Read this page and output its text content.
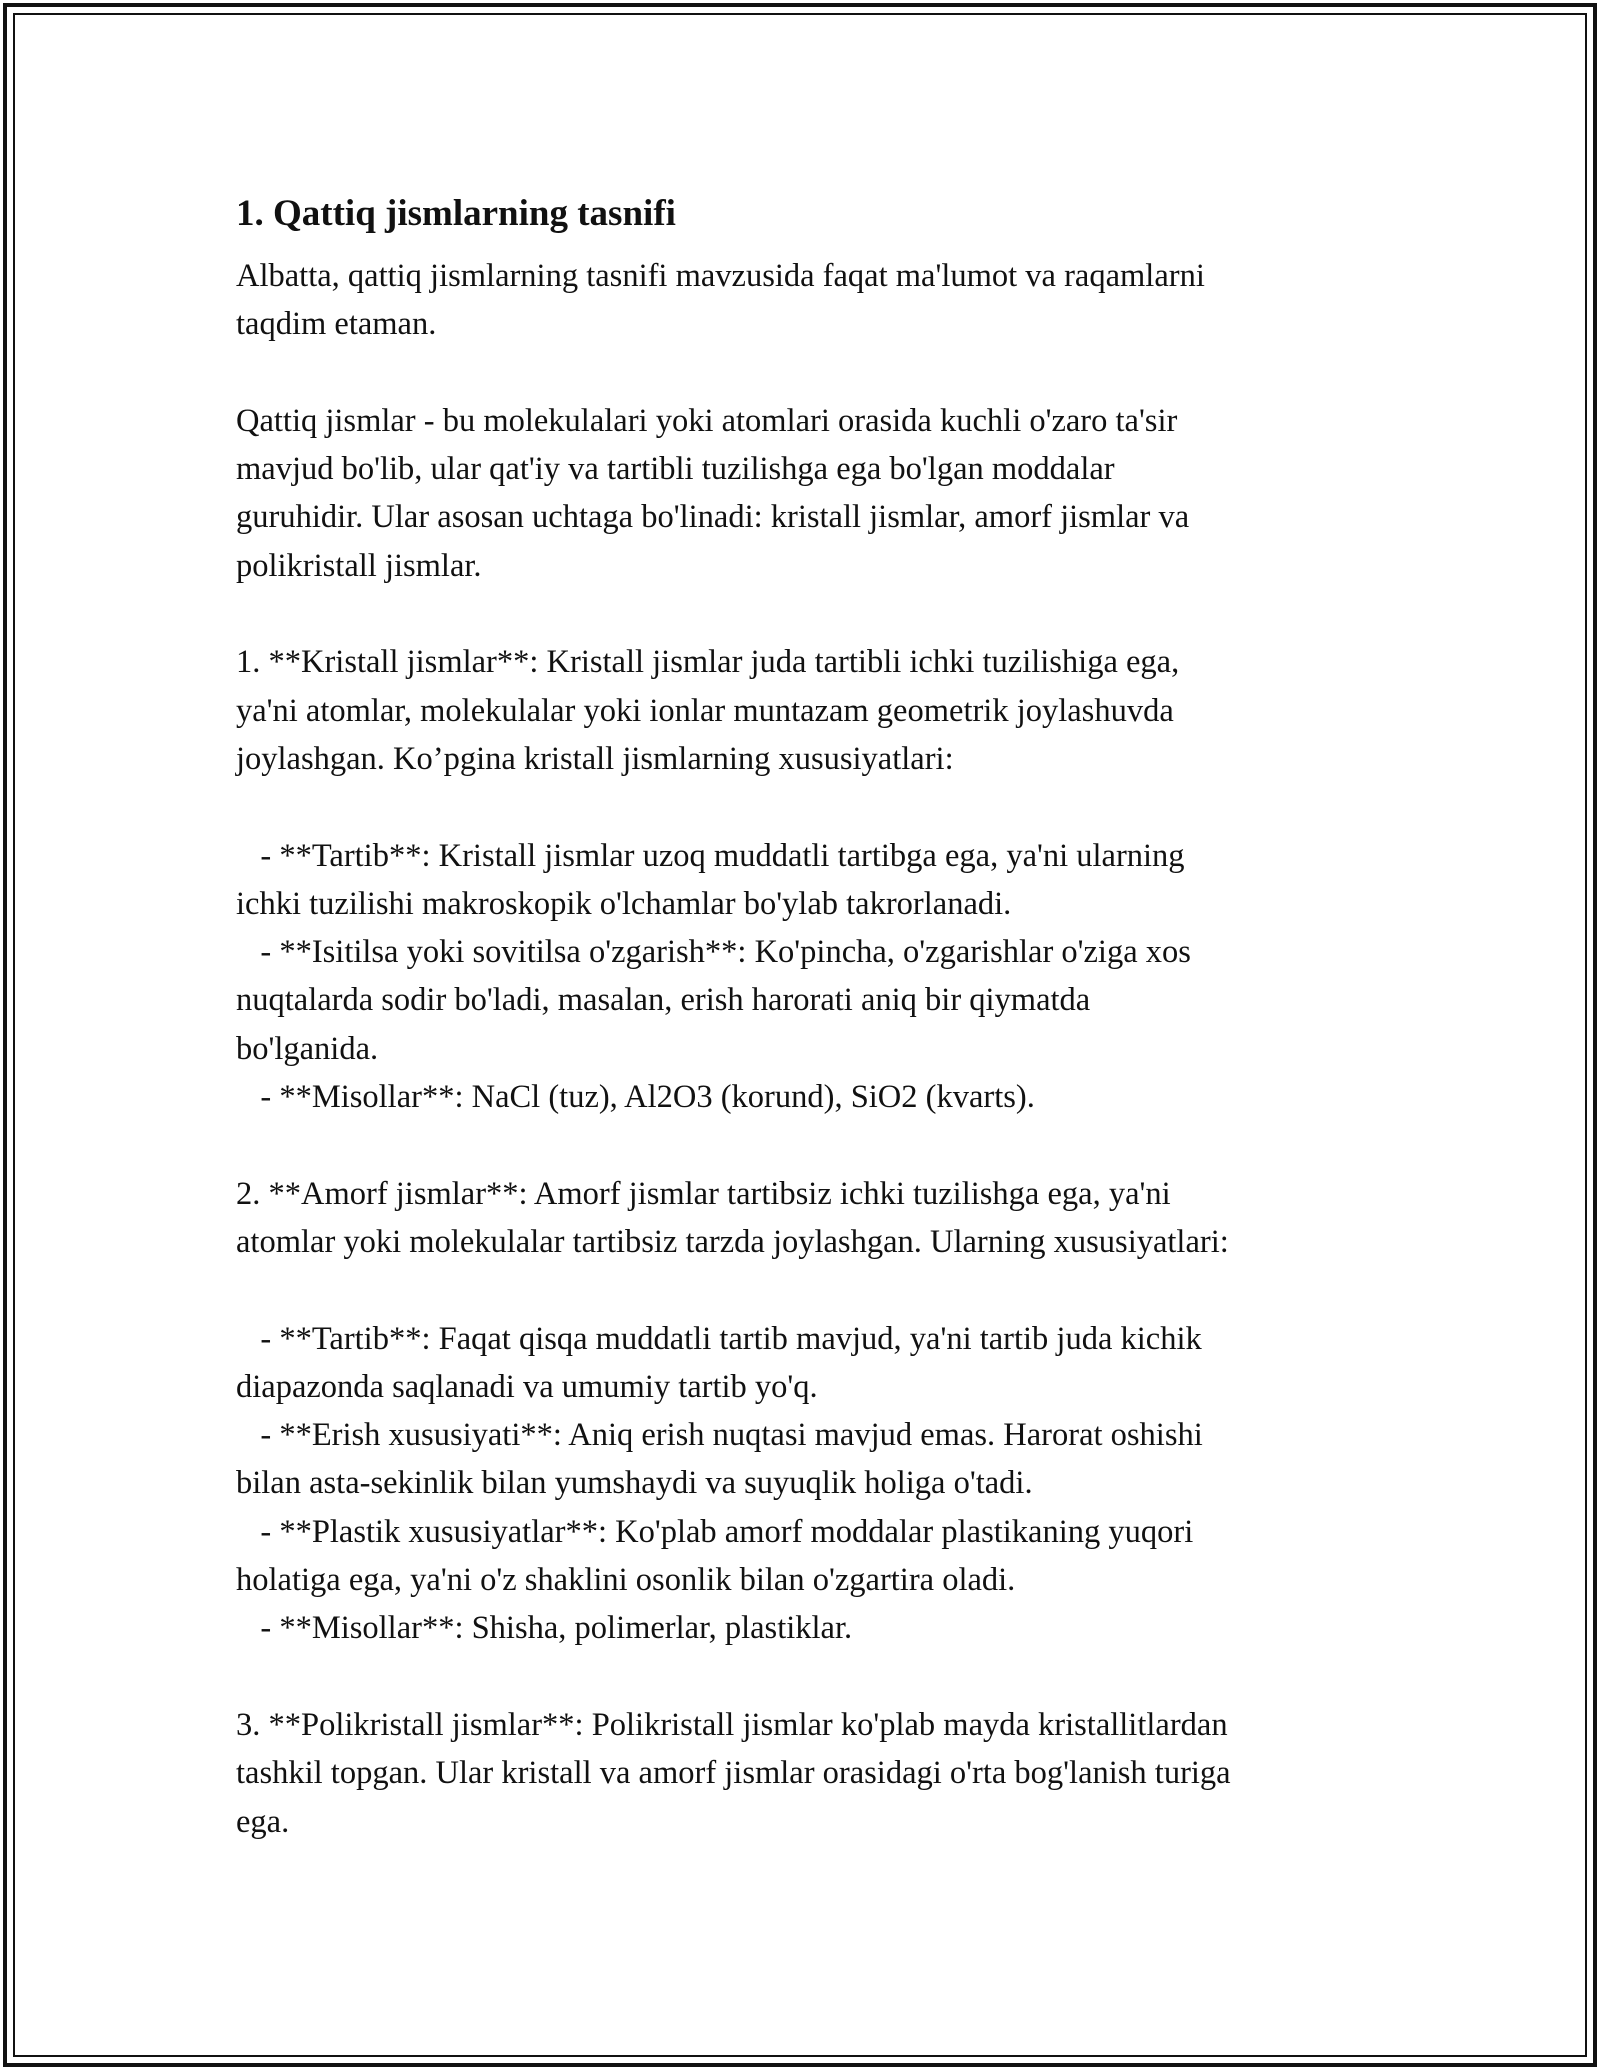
1. Qattiq jismlarning tasnifi

Albatta, qattiq jismlarning tasnifi mavzusida faqat ma'lumot va raqamlarni
taqdim etaman.

Qattiq jismlar - bu molekulalari yoki atomlari orasida kuchli o'zaro ta'sir
mavjud bo'lib, ular qat'iy va tartibli tuzilishga ega bo'lgan moddalar
guruhidir. Ular asosan uchtaga bo'linadi: kristall jismlar, amorf jismlar va
polikristall jismlar.

1. **Kristall jismlar**: Kristall jismlar juda tartibli ichki tuzilishiga ega,
ya'ni atomlar, molekulalar yoki ionlar muntazam geometrik joylashuvda
joylashgan. Ko’pgina kristall jismlarning xususiyatlari:

- **Tartib**: Kristall jismlar uzoq muddatli tartibga ega, ya'ni ularning
ichki tuzilishi makroskopik o'lchamlar bo'ylab takrorlanadi.
- **Isitilsa yoki sovitilsa o'zgarish**: Ko'pincha, o'zgarishlar o'ziga xos
nuqtalarda sodir bo'ladi, masalan, erish harorati aniq bir qiymatda
bo'lganida.
- **Misollar**: NaCl (tuz), Al2O3 (korund), SiO2 (kvarts).

2. **Amorf jismlar**: Amorf jismlar tartibsiz ichki tuzilishga ega, ya'ni
atomlar yoki molekulalar tartibsiz tarzda joylashgan. Ularning xususiyatlari:

- **Tartib**: Faqat qisqa muddatli tartib mavjud, ya'ni tartib juda kichik
diapazonda saqlanadi va umumiy tartib yo'q.
- **Erish xususiyati**: Aniq erish nuqtasi mavjud emas. Harorat oshishi
bilan asta-sekinlik bilan yumshaydi va suyuqlik holiga o'tadi.
- **Plastik xususiyatlar**: Ko'plab amorf moddalar plastikaning yuqori
holatiga ega, ya'ni o'z shaklini osonlik bilan o'zgartira oladi.
- **Misollar**: Shisha, polimerlar, plastiklar.

3. **Polikristall jismlar**: Polikristall jismlar ko'plab mayda kristallitlardan
tashkil topgan. Ular kristall va amorf jismlar orasidagi o'rta bog'lanish turiga
ega.
